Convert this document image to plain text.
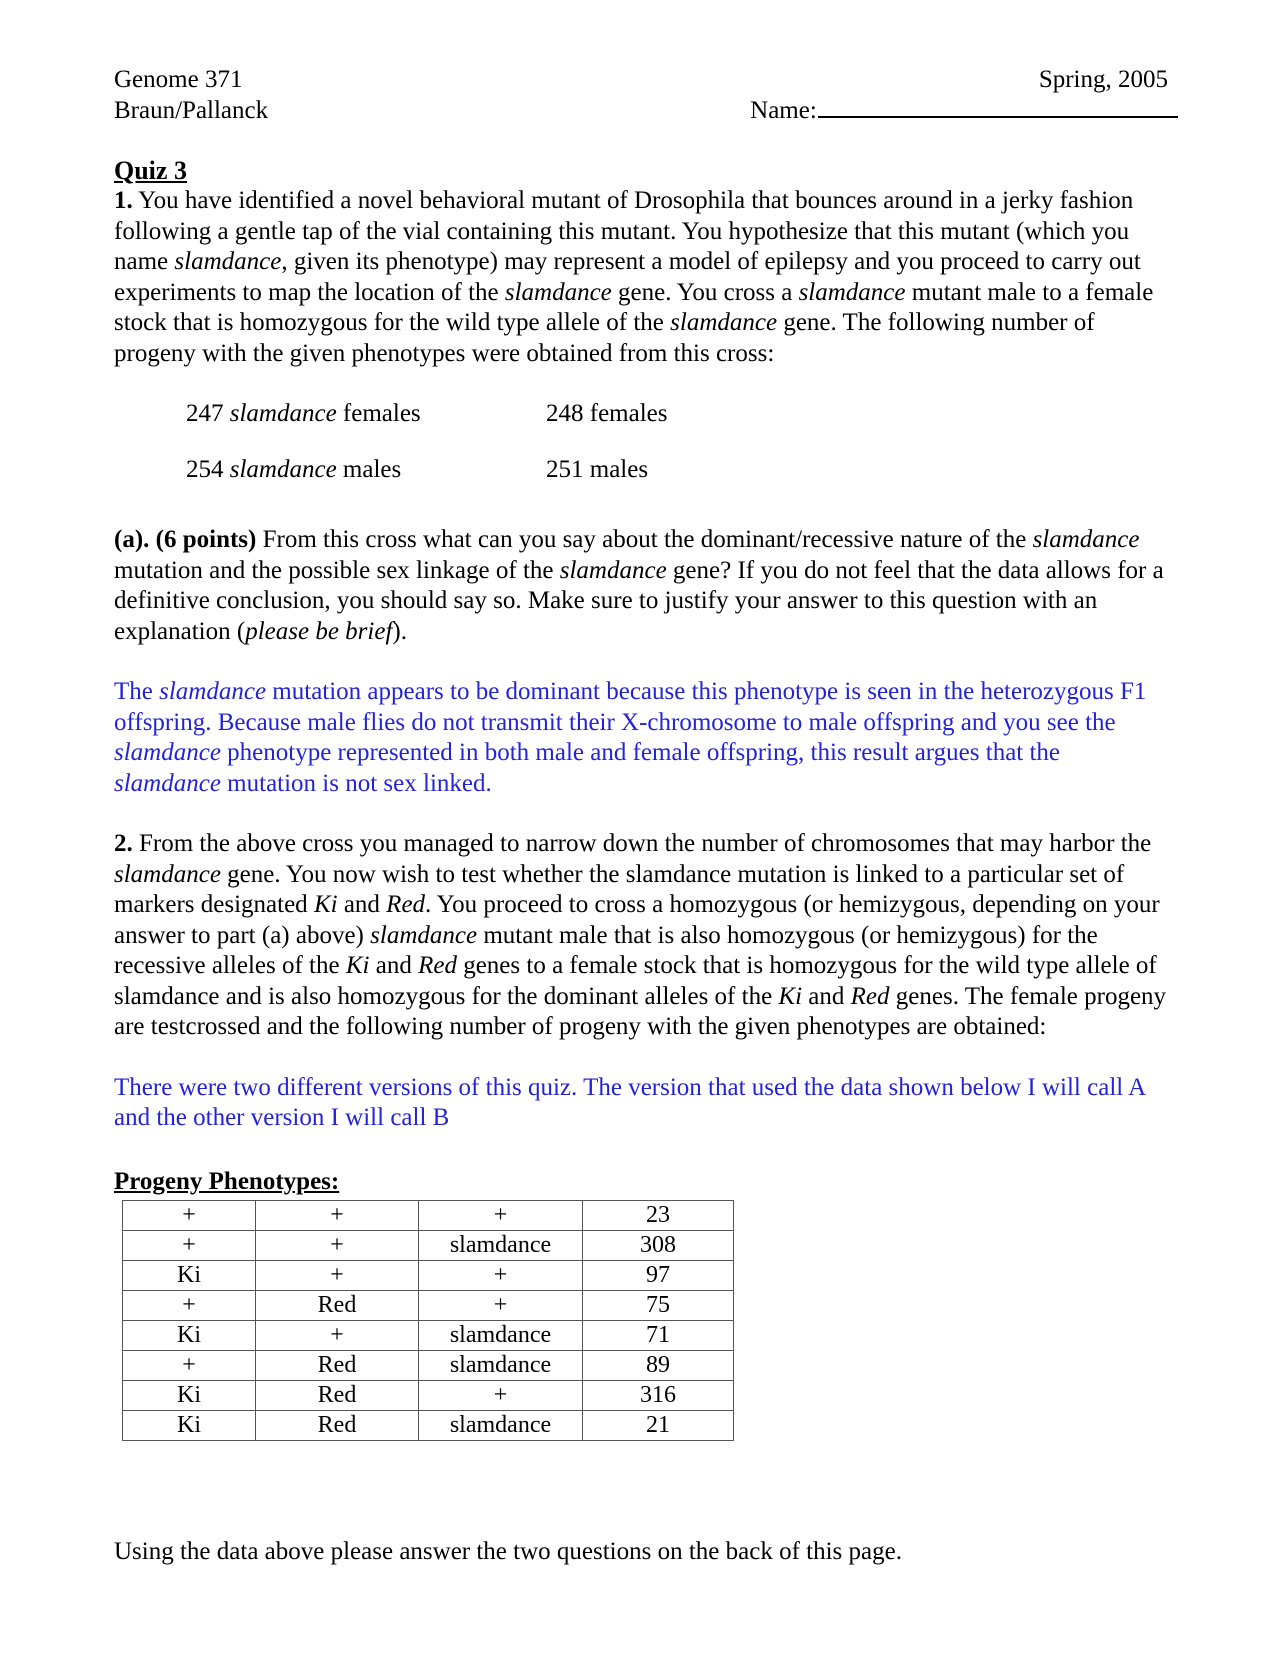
Genome 371	Spring, 2005
Braun/Pallanck	Name:
Quiz 3

1. You have identified a novel behavioral mutant of Drosophila that bounces around in a jerky fashion following a gentle tap of the vial containing this mutant. You hypothesize that this mutant (which you name slamdance, given its phenotype) may represent a model of epilepsy and you proceed to carry out experiments to map the location of the slamdance gene. You cross a slamdance mutant male to a female stock that is homozygous for the wild type allele of the slamdance gene. The following number of progeny with the given phenotypes were obtained from this cross:

247 slamdance females	248 females
254 slamdance males	251 males

(a). (6 points) From this cross what can you say about the dominant/recessive nature of the slamdance mutation and the possible sex linkage of the slamdance gene? If you do not feel that the data allows for a definitive conclusion, you should say so. Make sure to justify your answer to this question with an explanation (please be brief).

The slamdance mutation appears to be dominant because this phenotype is seen in the heterozygous F1 offspring. Because male flies do not transmit their X-chromosome to male offspring and you see the slamdance phenotype represented in both male and female offspring, this result argues that the slamdance mutation is not sex linked.

2. From the above cross you managed to narrow down the number of chromosomes that may harbor the slamdance gene. You now wish to test whether the slamdance mutation is linked to a particular set of markers designated Ki and Red. You proceed to cross a homozygous (or hemizygous, depending on your answer to part (a) above) slamdance mutant male that is also homozygous (or hemizygous) for the recessive alleles of the Ki and Red genes to a female stock that is homozygous for the wild type allele of slamdance and is also homozygous for the dominant alleles of the Ki and Red genes. The female progeny are testcrossed and the following number of progeny with the given phenotypes are obtained:

There were two different versions of this quiz. The version that used the data shown below I will call A and the other version I will call B

Progeny Phenotypes:
+	+	+	23
+	+	slamdance	308
Ki	+	+	97
+	Red	+	75
Ki	+	slamdance	71
+	Red	slamdance	89
Ki	Red	+	316
Ki	Red	slamdance	21
Using the data above please answer the two questions on the back of this page.
